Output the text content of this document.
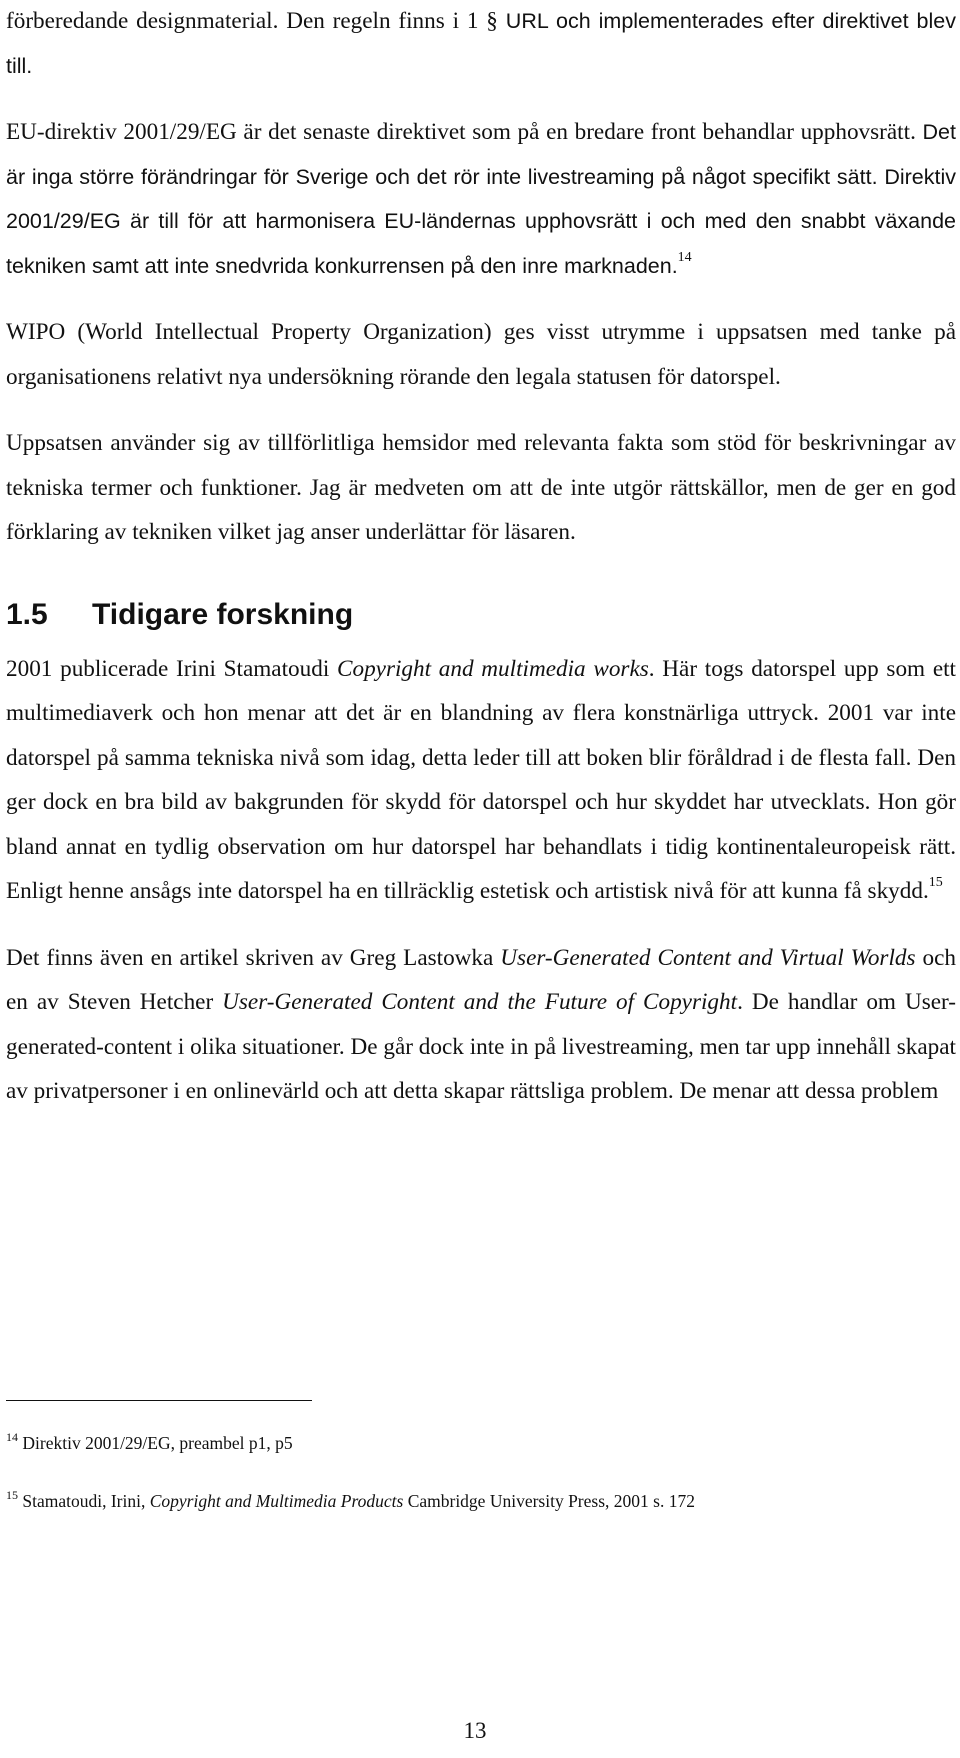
förberedande designmaterial. Den regeln finns i 1 § URL och implementerades efter direktivet blev till.

EU-direktiv 2001/29/EG är det senaste direktivet som på en bredare front behandlar upphovsrätt. Det är inga större förändringar för Sverige och det rör inte livestreaming på något specifikt sätt. Direktiv 2001/29/EG är till för att harmonisera EU-ländernas upphovsrätt i och med den snabbt växande tekniken samt att inte snedvrida konkurrensen på den inre marknaden.$^{14}$

WIPO (World Intellectual Property Organization) ges visst utrymme i uppsatsen med tanke på organisationens relativt nya undersökning rörande den legala statusen för datorspel.

Uppsatsen använder sig av tillförlitliga hemsidor med relevanta fakta som stöd för beskrivningar av tekniska termer och funktioner. Jag är medveten om att de inte utgör rättskällor, men de ger en god förklaring av tekniken vilket jag anser underlättar för läsaren.

1.5 Tidigare forskning

2001 publicerade Irini Stamatoudi Copyright and multimedia works. Här togs datorspel upp som ett multimediaverk och hon menar att det är en blandning av flera konstnärliga uttryck. 2001 var inte datorspel på samma tekniska nivå som idag, detta leder till att boken blir föråldrad i de flesta fall. Den ger dock en bra bild av bakgrunden för skydd för datorspel och hur skyddet har utvecklats. Hon gör bland annat en tydlig observation om hur datorspel har behandlats i tidig kontinentaleuropeisk rätt. Enligt henne ansågs inte datorspel ha en tillräcklig estetisk och artistisk nivå för att kunna få skydd.$^{15}$

Det finns även en artikel skriven av Greg Lastowka User-Generated Content and Virtual Worlds och en av Steven Hetcher User-Generated Content and the Future of Copyright. De handlar om User-generated-content i olika situationer. De går dock inte in på livestreaming, men tar upp innehåll skapat av privatpersoner i en onlinevärld och att detta skapar rättsliga problem. De menar att dessa problem

$^{14}$ Direktiv 2001/29/EG, preambel p1, p5

$^{15}$ Stamatoudi, Irini, Copyright and Multimedia Products Cambridge University Press, 2001 s. 172

13
